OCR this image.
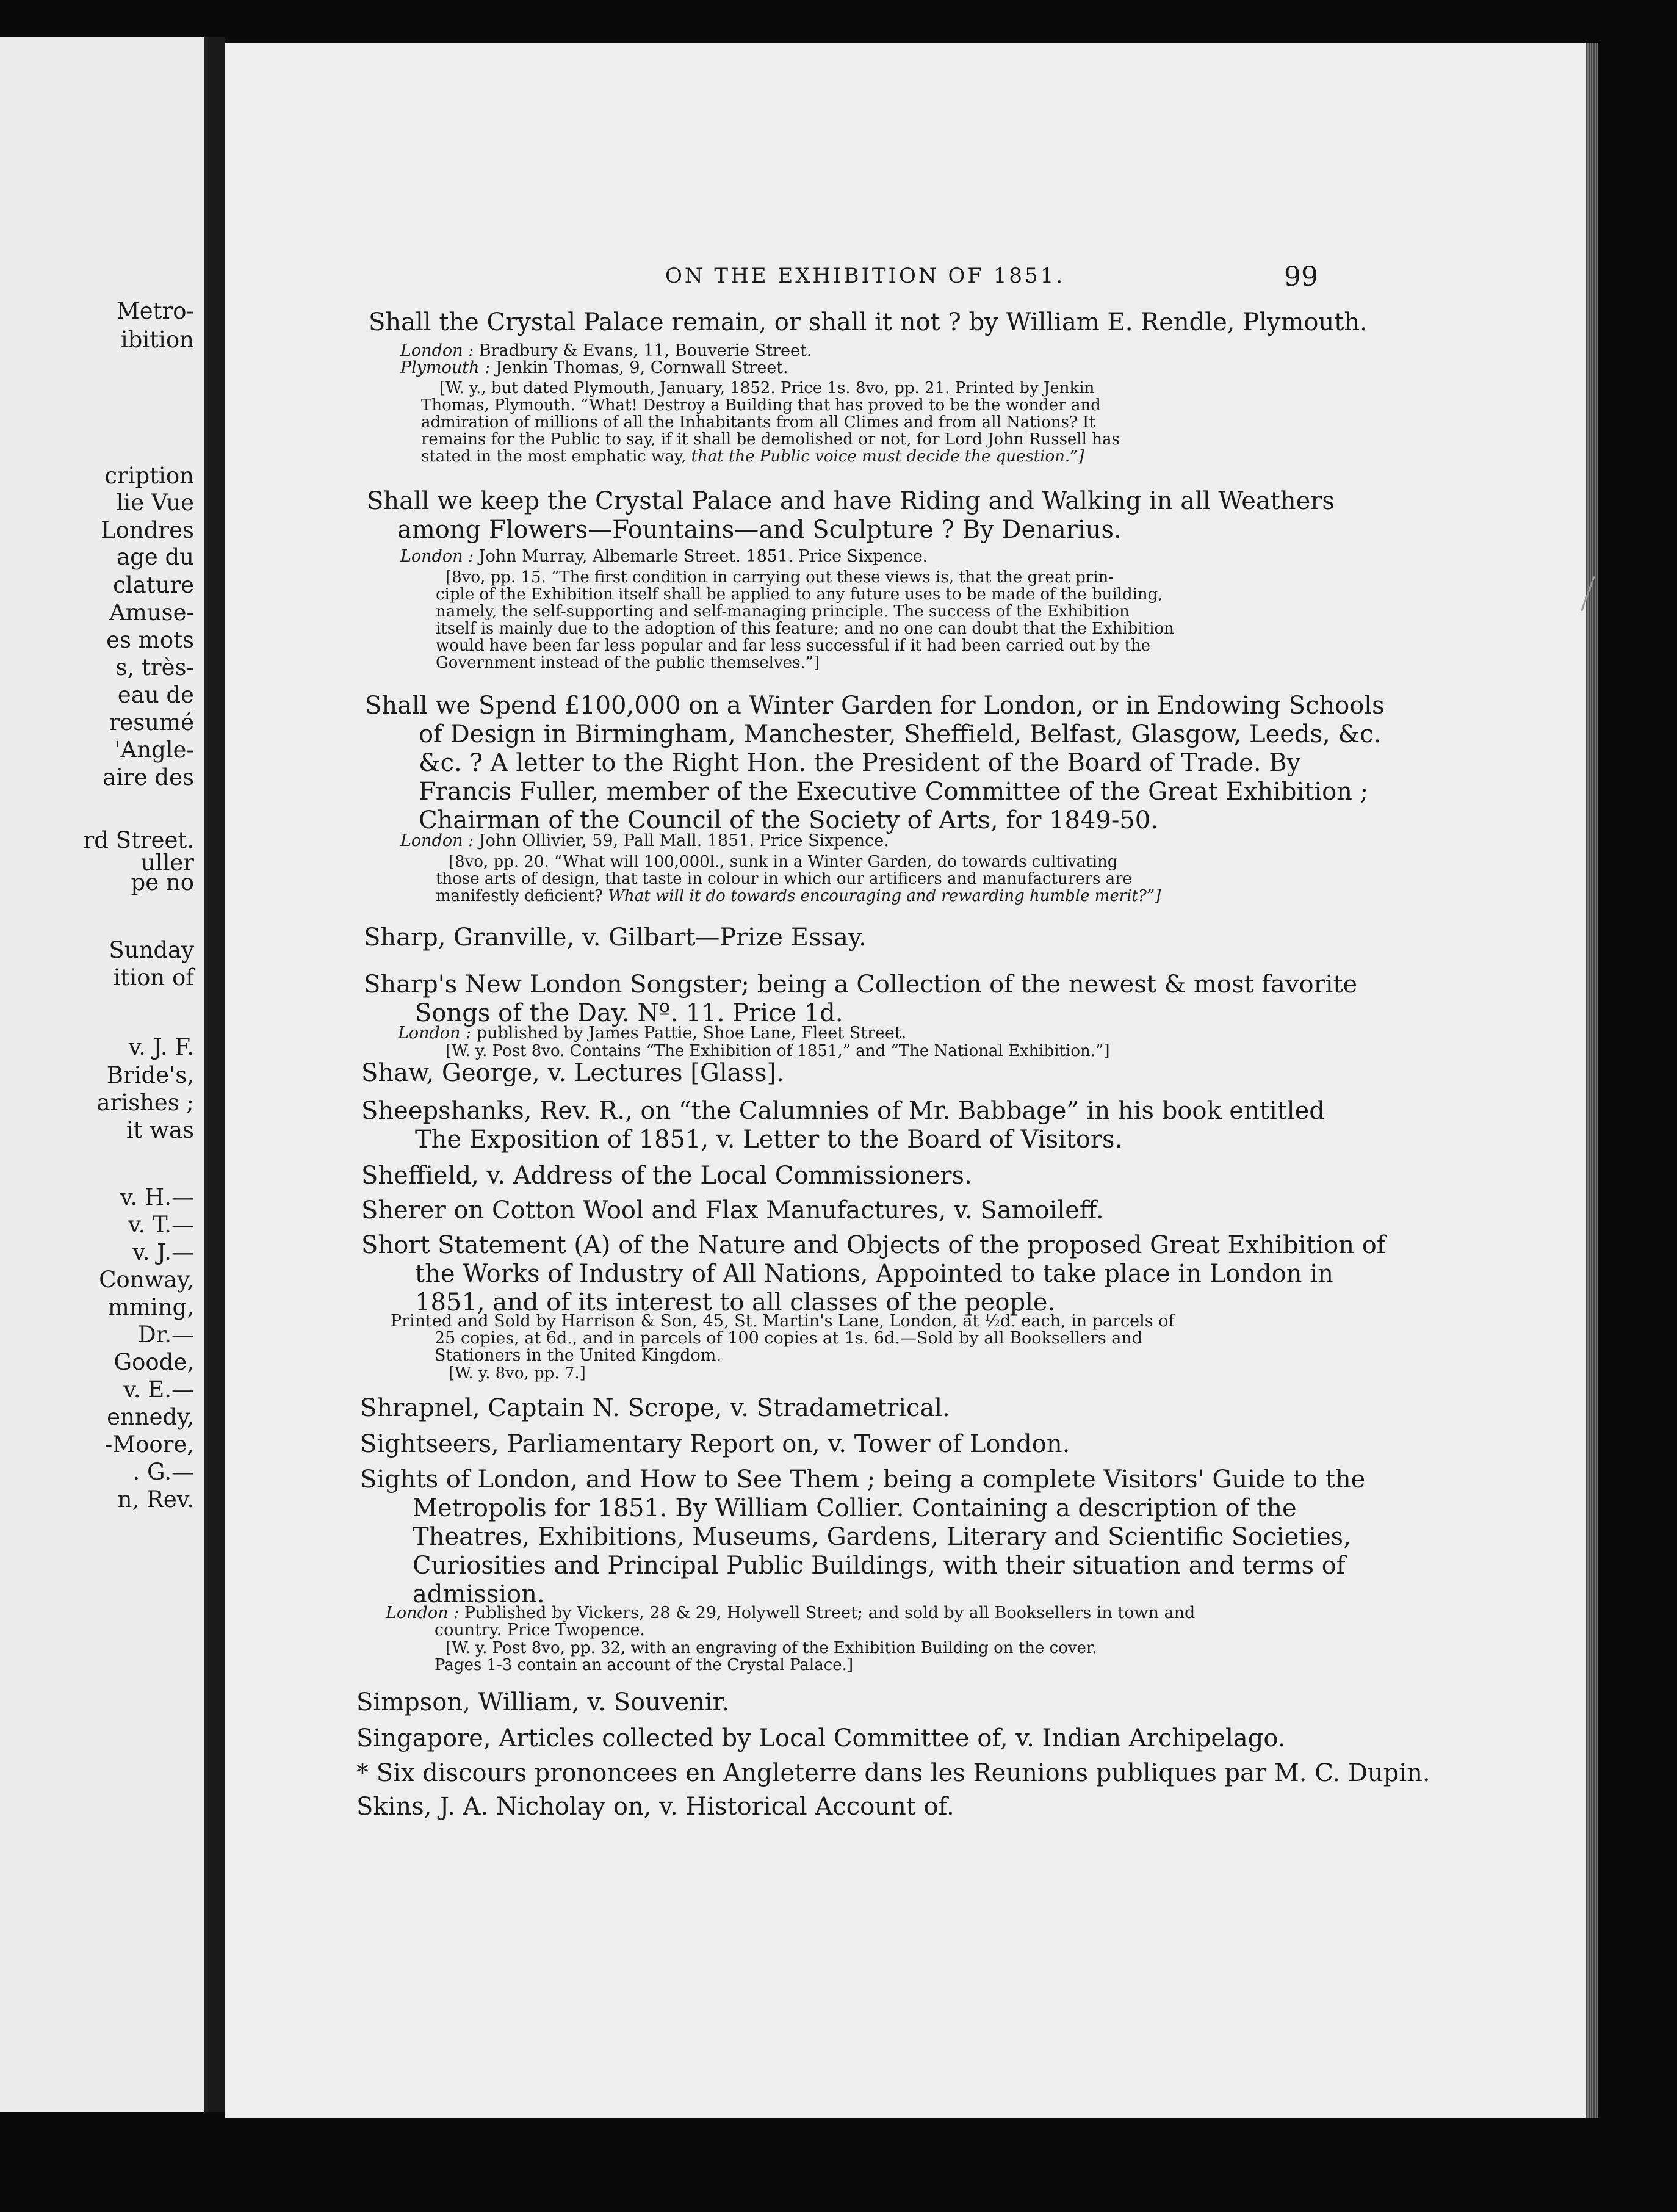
Metro-
ibition
cription
lie Vue
Londres
age du
clature
Amuse-
es mots
s, très-
eau de
resumé
'Angle-
aire des
rd Street.
uller
pe no
Sunday
ition of
v. J. F.
Bride's,
arishes ;
it was
v. H.—
v. T.—
v. J.—
Conway,
mming,
Dr.—
Goode,
v. E.—
ennedy,
-Moore,
. G.—
n, Rev.
ON THE EXHIBITION OF 1851.	99
Shall the Crystal Palace remain, or shall it not ? by William E. Rendle, Plymouth.
London : Bradbury & Evans, 11, Bouverie Street.
Plymouth : Jenkin Thomas, 9, Cornwall Street.
[W. y., but dated Plymouth, January, 1852. Price 1s. 8vo, pp. 21. Printed by Jenkin
Thomas, Plymouth. “What! Destroy a Building that has proved to be the wonder and
admiration of millions of all the Inhabitants from all Climes and from all Nations? It
remains for the Public to say, if it shall be demolished or not, for Lord John Russell has
stated in the most emphatic way, that the Public voice must decide the question.”]
Shall we keep the Crystal Palace and have Riding and Walking in all Weathers
among Flowers—Fountains—and Sculpture ? By Denarius.
London : John Murray, Albemarle Street. 1851. Price Sixpence.
[8vo, pp. 15. “The first condition in carrying out these views is, that the great prin-
ciple of the Exhibition itself shall be applied to any future uses to be made of the building,
namely, the self-supporting and self-managing principle. The success of the Exhibition
itself is mainly due to the adoption of this feature; and no one can doubt that the Exhibition
would have been far less popular and far less successful if it had been carried out by the
Government instead of the public themselves.”]
Shall we Spend £100,000 on a Winter Garden for London, or in Endowing Schools
of Design in Birmingham, Manchester, Sheffield, Belfast, Glasgow, Leeds, &c.
&c. ? A letter to the Right Hon. the President of the Board of Trade. By
Francis Fuller, member of the Executive Committee of the Great Exhibition ;
Chairman of the Council of the Society of Arts, for 1849-50.
London : John Ollivier, 59, Pall Mall. 1851. Price Sixpence.
[8vo, pp. 20. “What will 100,000l., sunk in a Winter Garden, do towards cultivating
those arts of design, that taste in colour in which our artificers and manufacturers are
manifestly deficient? What will it do towards encouraging and rewarding humble merit?”]
Sharp, Granville, v. Gilbart—Prize Essay.
Sharp's New London Songster; being a Collection of the newest & most favorite
Songs of the Day. Nº. 11. Price 1d.
London : published by James Pattie, Shoe Lane, Fleet Street.
[W. y. Post 8vo. Contains “The Exhibition of 1851,” and “The National Exhibition.”]
Shaw, George, v. Lectures [Glass].
Sheepshanks, Rev. R., on “the Calumnies of Mr. Babbage” in his book entitled
The Exposition of 1851, v. Letter to the Board of Visitors.
Sheffield, v. Address of the Local Commissioners.
Sherer on Cotton Wool and Flax Manufactures, v. Samoileff.
Short Statement (A) of the Nature and Objects of the proposed Great Exhibition of
the Works of Industry of All Nations, Appointed to take place in London in
1851, and of its interest to all classes of the people.
Printed and Sold by Harrison & Son, 45, St. Martin's Lane, London, at ½d. each, in parcels of
25 copies, at 6d., and in parcels of 100 copies at 1s. 6d.—Sold by all Booksellers and
Stationers in the United Kingdom.
[W. y. 8vo, pp. 7.]
Shrapnel, Captain N. Scrope, v. Stradametrical.
Sightseers, Parliamentary Report on, v. Tower of London.
Sights of London, and How to See Them ; being a complete Visitors' Guide to the
Metropolis for 1851. By William Collier. Containing a description of the
Theatres, Exhibitions, Museums, Gardens, Literary and Scientific Societies,
Curiosities and Principal Public Buildings, with their situation and terms of
admission.
London : Published by Vickers, 28 & 29, Holywell Street; and sold by all Booksellers in town and
country. Price Twopence.
[W. y. Post 8vo, pp. 32, with an engraving of the Exhibition Building on the cover.
Pages 1-3 contain an account of the Crystal Palace.]
Simpson, William, v. Souvenir.
Singapore, Articles collected by Local Committee of, v. Indian Archipelago.
* Six discours prononcees en Angleterre dans les Reunions publiques par M. C. Dupin.
Skins, J. A. Nicholay on, v. Historical Account of.
